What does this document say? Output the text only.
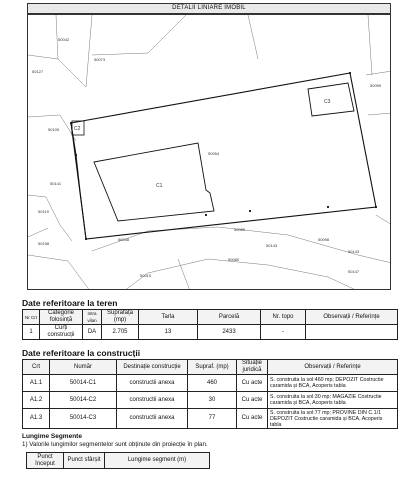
DETALII LINIARE IMOBIL
50054
C1
C2
C3
50042
50073
50127
50099
50089
50098
50147
50141
50158
50080
50010
50105
50119
50143
56048
50143
Date referitoare la teren
Nr Crt	Categorie folosință	Intra vilan	Suprafața (mp)	Tarla	Parcelă	Nr. topo	Observații / Referințe
1	Curți construcții	DA	2.705	13	2433	-	
Date referitoare la construcții
Crt	Număr	Destinație construcție	Supraf. (mp)	Situație juridică	Observații / Referințe
A1.1	50014-C1	constructii anexa	460	Cu acte	S. construita la sol:460 mp; DEPOZIT Costructie caramida și BCA, Acoperis tabla
A1.2	50014-C2	constructii anexa	30	Cu acte	S. construita la sol:30 mp; MAGAZIE Costructie caramida și BCA, Acoperis tabla
A1.3	50014-C3	constructii anexa	77	Cu acte	S. construita la sol:77 mp; PROVINE DIN C.1/1 DEPOZIT Costructie caramida și BCA, Acoperis tabla
Lungime Segmente
1) Valorile lungimilor segmentelor sunt obținute din proiecție în plan.
Punct început	Punct sfârșit	Lungime segment (m)
